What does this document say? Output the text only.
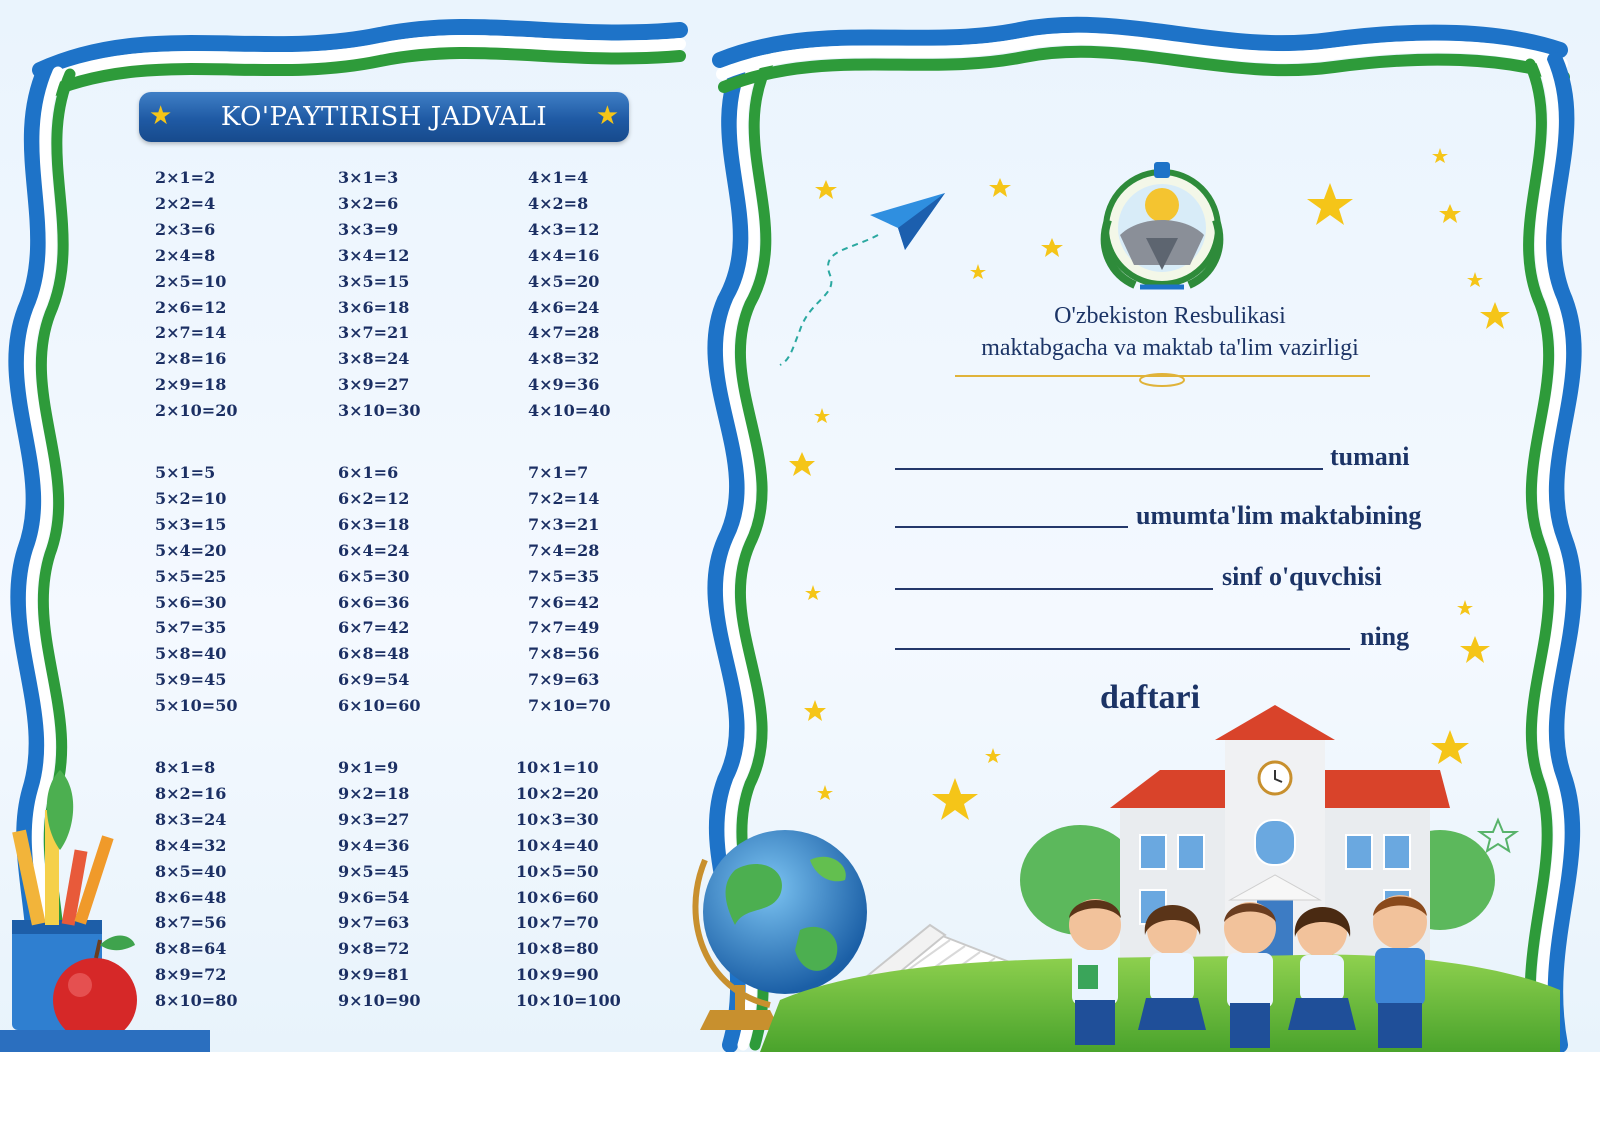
★ KO'PAYTIRISH JADVALI ★
2×1=2
2×2=4
2×3=6
2×4=8
2×5=10
2×6=12
2×7=14
2×8=16
2×9=18
2×10=20
3×1=3
3×2=6
3×3=9
3×4=12
3×5=15
3×6=18
3×7=21
3×8=24
3×9=27
3×10=30
4×1=4
4×2=8
4×3=12
4×4=16
4×5=20
4×6=24
4×7=28
4×8=32
4×9=36
4×10=40
5×1=5
5×2=10
5×3=15
5×4=20
5×5=25
5×6=30
5×7=35
5×8=40
5×9=45
5×10=50
6×1=6
6×2=12
6×3=18
6×4=24
6×5=30
6×6=36
6×7=42
6×8=48
6×9=54
6×10=60
7×1=7
7×2=14
7×3=21
7×4=28
7×5=35
7×6=42
7×7=49
7×8=56
7×9=63
7×10=70
8×1=8
8×2=16
8×3=24
8×4=32
8×5=40
8×6=48
8×7=56
8×8=64
8×9=72
8×10=80
9×1=9
9×2=18
9×3=27
9×4=36
9×5=45
9×6=54
9×7=63
9×8=72
9×9=81
9×10=90
10×1=10
10×2=20
10×3=30
10×4=40
10×5=50
10×6=60
10×7=70
10×8=80
10×9=90
10×10=100
O'zbekiston Resbulikasi
maktabgacha va maktab ta'lim vazirligi
tumani
umumta'lim maktabining
sinf o'quvchisi
ning
daftari
